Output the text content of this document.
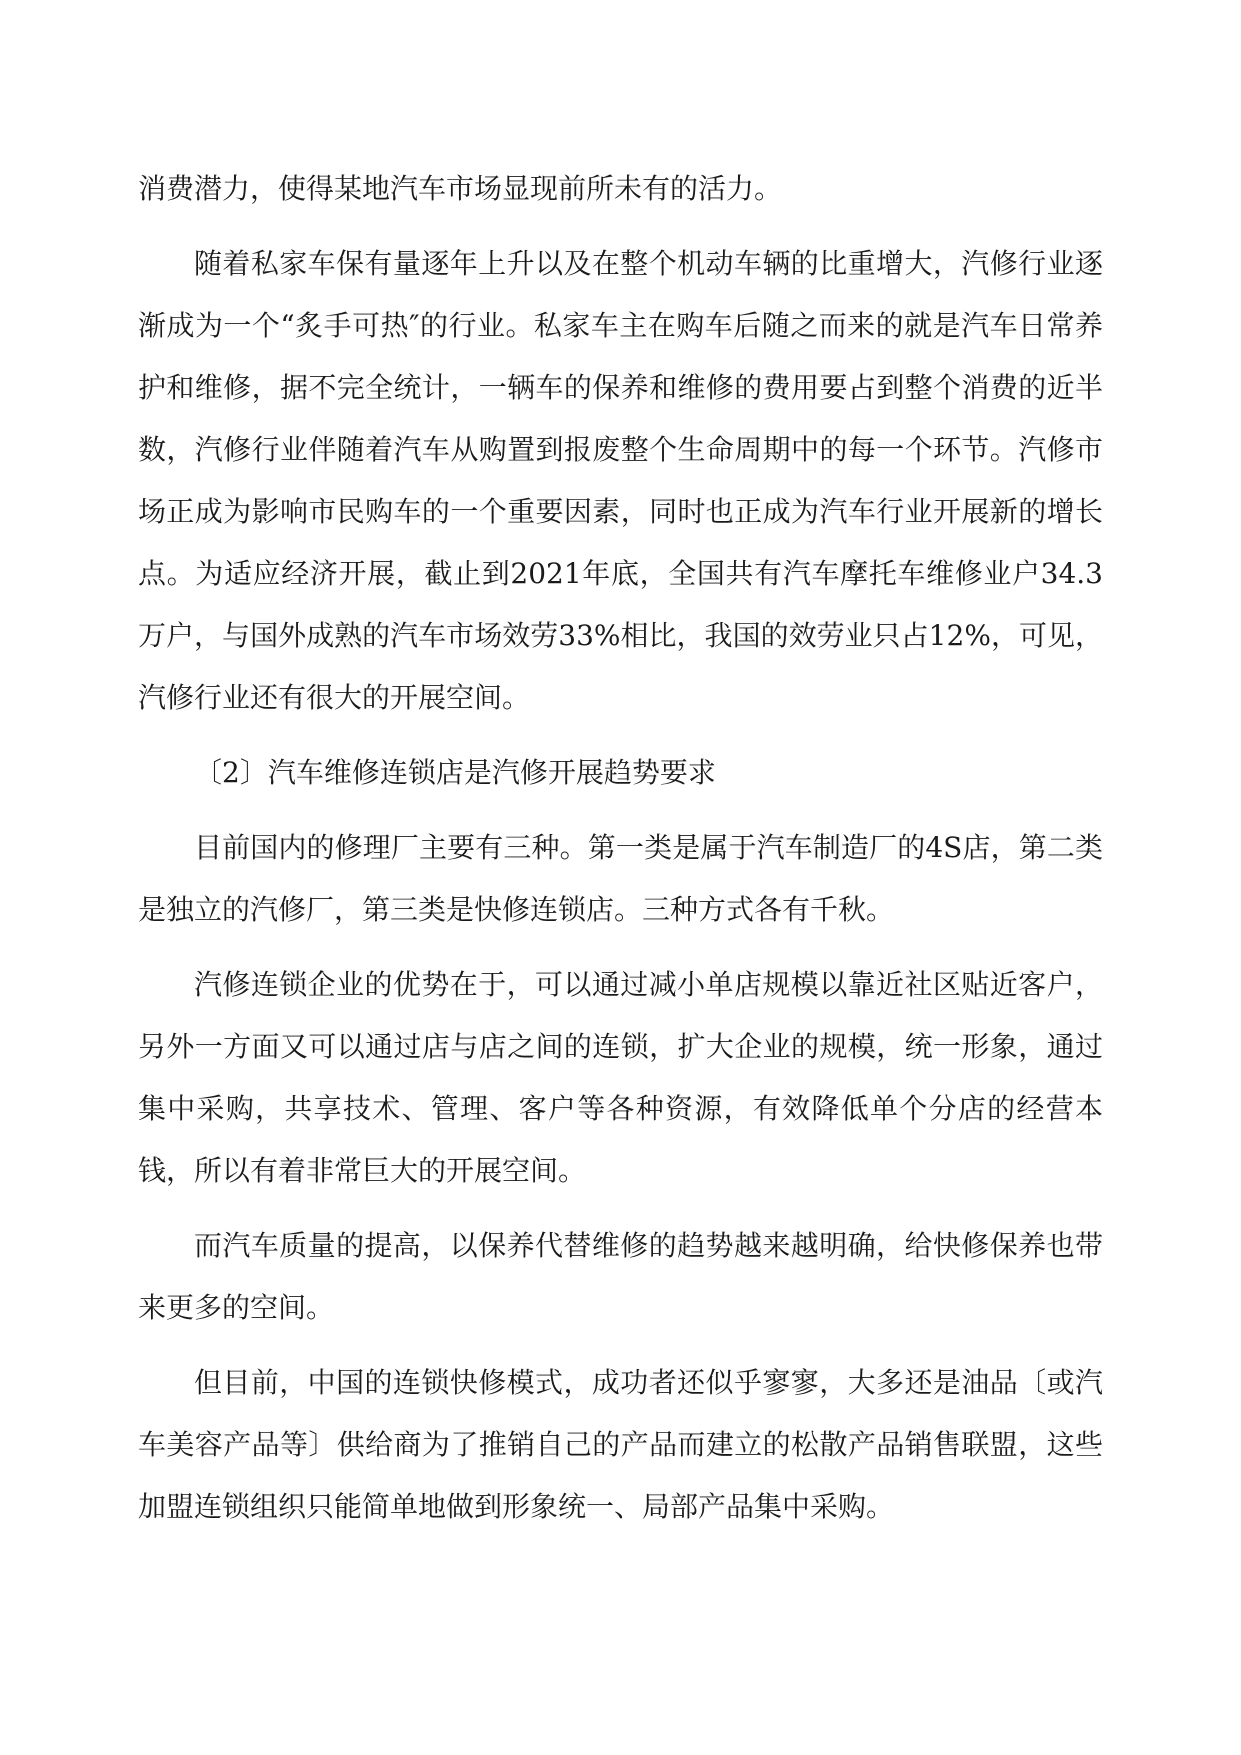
消费潜力，使得某地汽车市场显现前所未有的活力。

随着私家车保有量逐年上升以及在整个机动车辆的比重增大，汽修行业逐渐成为一个“炙手可热″的行业。私家车主在购车后随之而来的就是汽车日常养护和维修，据不完全统计，一辆车的保养和维修的费用要占到整个消费的近半数，汽修行业伴随着汽车从购置到报废整个生命周期中的每一个环节。汽修市场正成为影响市民购车的一个重要因素，同时也正成为汽车行业开展新的增长点。为适应经济开展，截止到2021年底，全国共有汽车摩托车维修业户34.3万户，与国外成熟的汽车市场效劳33%相比，我国的效劳业只占12%，可见，汽修行业还有很大的开展空间。

〔2〕汽车维修连锁店是汽修开展趋势要求

目前国内的修理厂主要有三种。第一类是属于汽车制造厂的4S店，第二类是独立的汽修厂，第三类是快修连锁店。三种方式各有千秋。

汽修连锁企业的优势在于，可以通过减小单店规模以靠近社区贴近客户，另外一方面又可以通过店与店之间的连锁，扩大企业的规模，统一形象，通过集中采购，共享技术、管理、客户等各种资源，有效降低单个分店的经营本钱，所以有着非常巨大的开展空间。

而汽车质量的提高，以保养代替维修的趋势越来越明确，给快修保养也带来更多的空间。

但目前，中国的连锁快修模式，成功者还似乎寥寥，大多还是油品〔或汽车美容产品等〕供给商为了推销自己的产品而建立的松散产品销售联盟，这些加盟连锁组织只能简单地做到形象统一、局部产品集中采购。
